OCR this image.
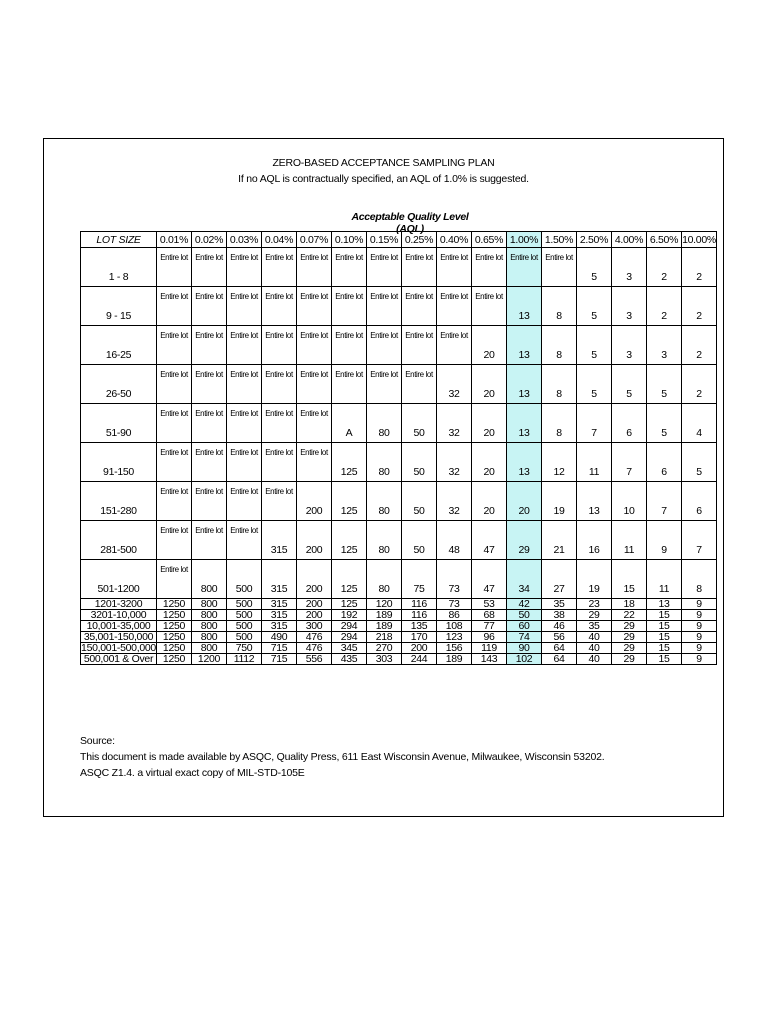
ZERO-BASED ACCEPTANCE SAMPLING PLAN
If no AQL is contractually specified, an AQL of 1.0% is suggested.
Acceptable Quality Level (AQL)
LOT SIZE	0.01%	0.02%	0.03%	0.04%	0.07%	0.10%	0.15%	0.25%	0.40%	0.65%	1.00%	1.50%	2.50%	4.00%	6.50%	10.00%

1 - 8	Entire lot	Entire lot	Entire lot	Entire lot	Entire lot	Entire lot	Entire lot	Entire lot	Entire lot	Entire lot	Entire lot	Entire lot	5	3	2	2

9 - 15	Entire lot	Entire lot	Entire lot	Entire lot	Entire lot	Entire lot	Entire lot	Entire lot	Entire lot	Entire lot	13	8	5	3	2	2

16-25	Entire lot	Entire lot	Entire lot	Entire lot	Entire lot	Entire lot	Entire lot	Entire lot	Entire lot	20	13	8	5	3	3	2

26-50	Entire lot	Entire lot	Entire lot	Entire lot	Entire lot	Entire lot	Entire lot	Entire lot	32	20	13	8	5	5	5	2

51-90	Entire lot	Entire lot	Entire lot	Entire lot	Entire lot	A	80	50	32	20	13	8	7	6	5	4

91-150	Entire lot	Entire lot	Entire lot	Entire lot	Entire lot	125	80	50	32	20	13	12	11	7	6	5

151-280	Entire lot	Entire lot	Entire lot	Entire lot	200	125	80	50	32	20	20	19	13	10	7	6

281-500	Entire lot	Entire lot	Entire lot	315	200	125	80	50	48	47	29	21	16	11	9	7

501-1200	Entire lot	800	500	315	200	125	80	75	73	47	34	27	19	15	11	8

1201-3200	1250	800	500	315	200	125	120	116	73	53	42	35	23	18	13	9
3201-10,000	1250	800	500	315	200	192	189	116	86	68	50	38	29	22	15	9
10,001-35,000	1250	800	500	315	300	294	189	135	108	77	60	46	35	29	15	9
35,001-150,000	1250	800	500	490	476	294	218	170	123	96	74	56	40	29	15	9
150,001-500,000	1250	800	750	715	476	345	270	200	156	119	90	64	40	29	15	9
500,001 & Over	1250	1200	1112	715	556	435	303	244	189	143	102	64	40	29	15	9
Source:
This document is made available by ASQC, Quality Press, 611 East Wisconsin Avenue, Milwaukee, Wisconsin 53202.
ASQC Z1.4. a virtual exact copy of MIL-STD-105E
